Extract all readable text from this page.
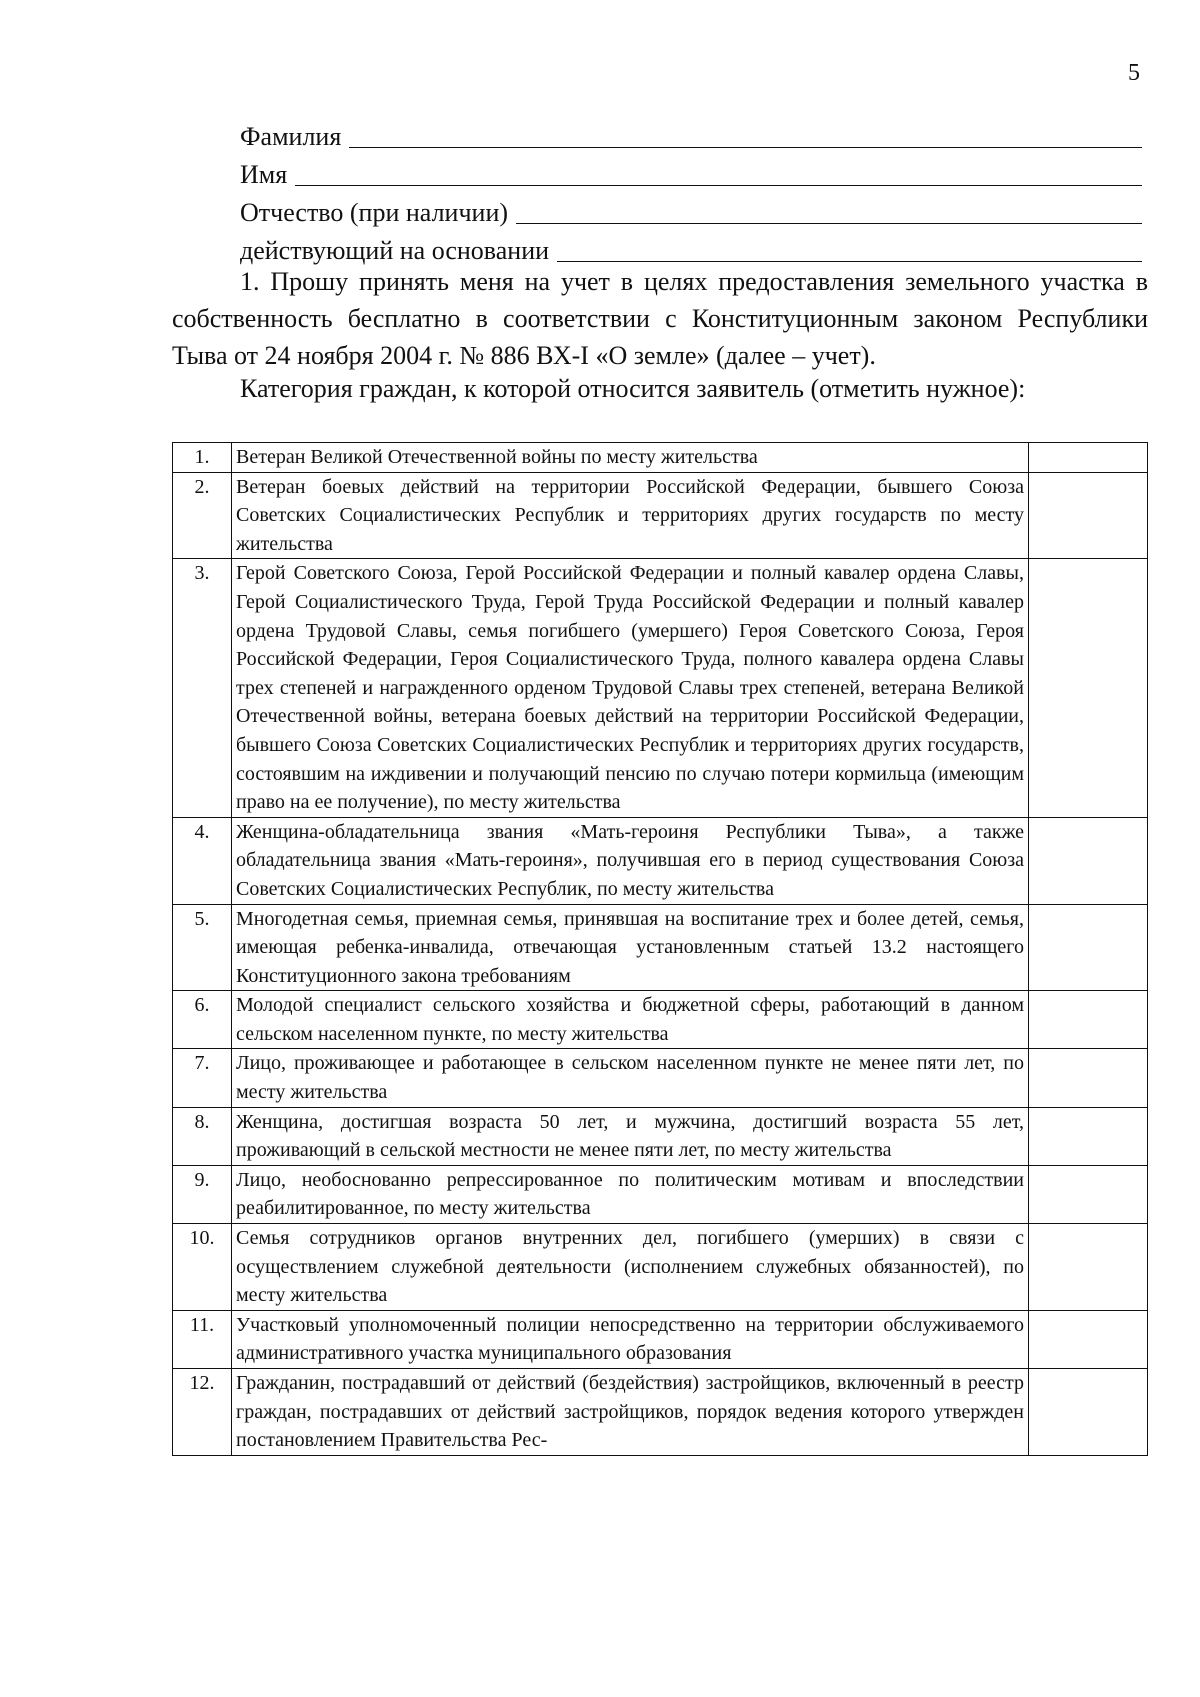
5
Фамилия
Имя
Отчество (при наличии)
действующий на основании
1. Прошу принять меня на учет в целях предоставления земельного участка в собственность бесплатно в соответствии с Конституционным законом Республики Тыва от 24 ноября 2004 г. № 886 ВХ-I «О земле» (далее – учет).
Категория граждан, к которой относится заявитель (отметить нужное):
1.	Ветеран Великой Отечественной войны по месту жительства	
2.	Ветеран боевых действий на территории Российской Федерации, бывшего Союза Советских Социалистических Республик и территориях других государств по месту жительства	
3.	Герой Советского Союза, Герой Российской Федерации и полный кавалер ордена Славы, Герой Социалистического Труда, Герой Труда Российской Федерации и полный кавалер ордена Трудовой Славы, семья погибшего (умершего) Героя Советского Союза, Героя Российской Федерации, Героя Социалистического Труда, полного кавалера ордена Славы трех степеней и награжденного орденом Трудовой Славы трех степеней, ветерана Великой Отечественной войны, ветерана боевых действий на территории Российской Федерации, бывшего Союза Советских Социалистических Республик и территориях других государств, состоявшим на иждивении и получающий пенсию по случаю потери кормильца (имеющим право на ее получение), по месту жительства	
4.	Женщина-обладательница звания «Мать-героиня Республики Тыва», а также обладательница звания «Мать-героиня», получившая его в период существования Союза Советских Социалистических Республик, по месту жительства	
5.	Многодетная семья, приемная семья, принявшая на воспитание трех и более детей, семья, имеющая ребенка-инвалида, отвечающая установленным статьей 13.2 настоящего Конституционного закона требованиям	
6.	Молодой специалист сельского хозяйства и бюджетной сферы, работающий в данном сельском населенном пункте, по месту жительства	
7.	Лицо, проживающее и работающее в сельском населенном пункте не менее пяти лет, по месту жительства	
8.	Женщина, достигшая возраста 50 лет, и мужчина, достигший возраста 55 лет, проживающий в сельской местности не менее пяти лет, по месту жительства	
9.	Лицо, необоснованно репрессированное по политическим мотивам и впоследствии реабилитированное, по месту жительства	
10.	Семья сотрудников органов внутренних дел, погибшего (умерших) в связи с осуществлением служебной деятельности (исполнением служебных обязанностей), по месту жительства	
11.	Участковый уполномоченный полиции непосредственно на территории обслуживаемого административного участка муниципального образования	
12.	Гражданин, пострадавший от действий (бездействия) застройщиков, включенный в реестр граждан, пострадавших от действий застройщиков, порядок ведения которого утвержден постановлением Правительства Рес-	
